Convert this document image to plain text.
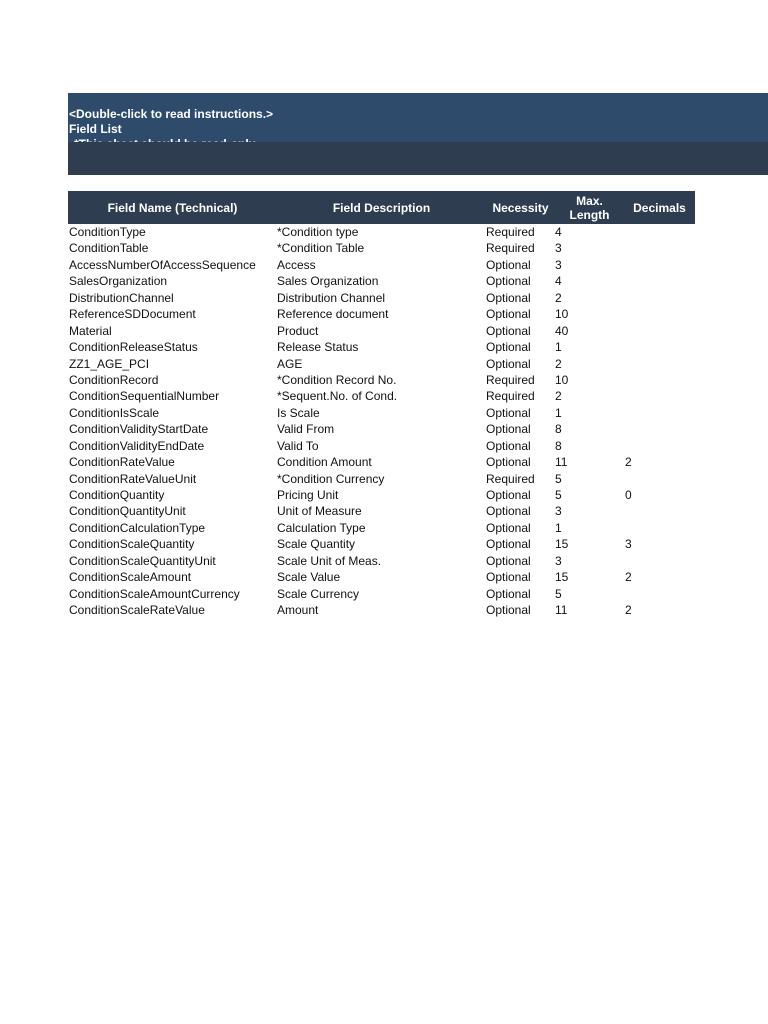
<Double-click to read instructions.>
Field List
Field Name (Technical)	Field Description	Necessity	Max. Length	Decimals
ConditionType	*Condition type	Required	4
ConditionTable	*Condition Table	Required	3
AccessNumberOfAccessSequence	Access	Optional	3
SalesOrganization	Sales Organization	Optional	4
DistributionChannel	Distribution Channel	Optional	2
ReferenceSDDocument	Reference document	Optional	10
Material	Product	Optional	40
ConditionReleaseStatus	Release Status	Optional	1
ZZ1_AGE_PCI	AGE	Optional	2
ConditionRecord	*Condition Record No.	Required	10
ConditionSequentialNumber	*Sequent.No. of Cond.	Required	2
ConditionIsScale	Is Scale	Optional	1
ConditionValidityStartDate	Valid From	Optional	8
ConditionValidityEndDate	Valid To	Optional	8
ConditionRateValue	Condition Amount	Optional	11	2
ConditionRateValueUnit	*Condition Currency	Required	5
ConditionQuantity	Pricing Unit	Optional	5	0
ConditionQuantityUnit	Unit of Measure	Optional	3
ConditionCalculationType	Calculation Type	Optional	1
ConditionScaleQuantity	Scale Quantity	Optional	15	3
ConditionScaleQuantityUnit	Scale Unit of Meas.	Optional	3
ConditionScaleAmount	Scale Value	Optional	15	2
ConditionScaleAmountCurrency	Scale Currency	Optional	5
ConditionScaleRateValue	Amount	Optional	11	2
